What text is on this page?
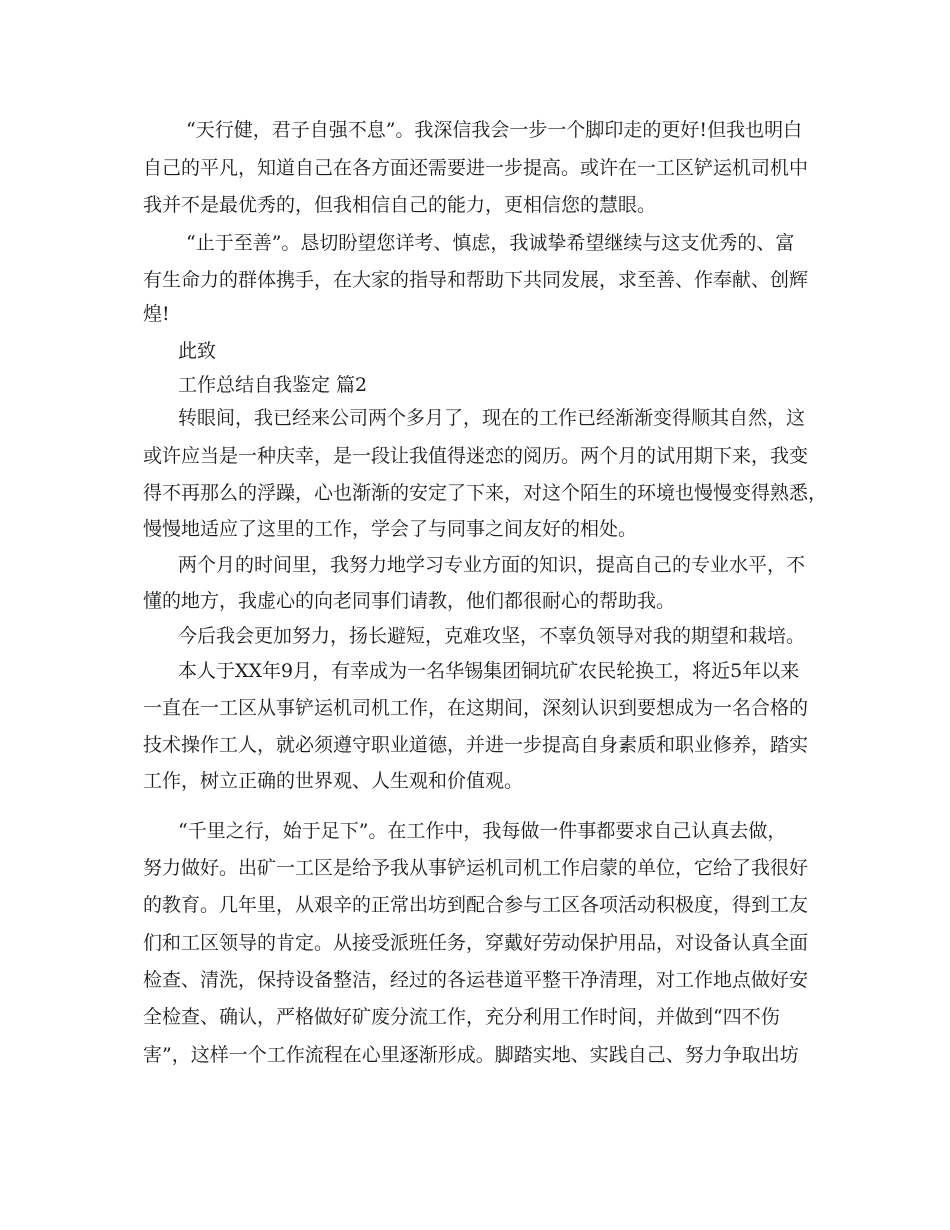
“天行健，君子自强不息”。我深信我会一步一个脚印走的更好!但我也明白
自己的平凡，知道自己在各方面还需要进一步提高。或许在一工区铲运机司机中
我并不是最优秀的，但我相信自己的能力，更相信您的慧眼。
“止于至善”。恳切盼望您详考、慎虑，我诚挚希望继续与这支优秀的、富
有生命力的群体携手，在大家的指导和帮助下共同发展，求至善、作奉献、创辉
煌!
此致
工作总结自我鉴定 篇2
转眼间，我已经来公司两个多月了，现在的工作已经渐渐变得顺其自然，这
或许应当是一种庆幸，是一段让我值得迷恋的阅历。两个月的试用期下来，我变
得不再那么的浮躁，心也渐渐的安定了下来，对这个陌生的环境也慢慢变得熟悉，
慢慢地适应了这里的工作，学会了与同事之间友好的相处。
两个月的时间里，我努力地学习专业方面的知识，提高自己的专业水平，不
懂的地方，我虚心的向老同事们请教，他们都很耐心的帮助我。
今后我会更加努力，扬长避短，克难攻坚，不辜负领导对我的期望和栽培。
本人于XX年9月，有幸成为一名华锡集团铜坑矿农民轮换工，将近5年以来
一直在一工区从事铲运机司机工作，在这期间，深刻认识到要想成为一名合格的
技术操作工人，就必须遵守职业道德，并进一步提高自身素质和职业修养，踏实
工作，树立正确的世界观、人生观和价值观。
“千里之行，始于足下”。在工作中，我每做一件事都要求自己认真去做，
努力做好。出矿一工区是给予我从事铲运机司机工作启蒙的单位，它给了我很好
的教育。几年里，从艰辛的正常出坊到配合参与工区各项活动积极度，得到工友
们和工区领导的肯定。从接受派班任务，穿戴好劳动保护用品，对设备认真全面
检查、清洗，保持设备整洁，经过的各运巷道平整干净清理，对工作地点做好安
全检查、确认，严格做好矿废分流工作，充分利用工作时间，并做到“四不伤
害”，这样一个工作流程在心里逐渐形成。脚踏实地、实践自己、努力争取出坊
